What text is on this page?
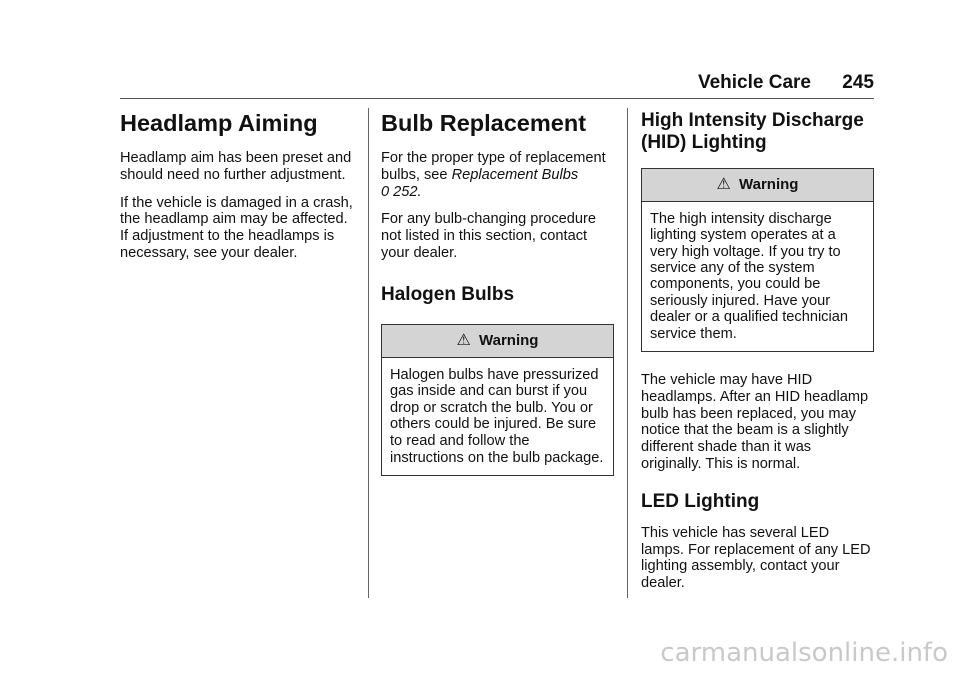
Vehicle Care 245
Headlamp Aiming

Headlamp aim has been preset and should need no further adjustment.

If the vehicle is damaged in a crash, the headlamp aim may be affected. If adjustment to the headlamps is necessary, see your dealer.

Bulb Replacement

For the proper type of replacement bulbs, see Replacement Bulbs
0 252.

For any bulb-changing procedure not listed in this section, contact your dealer.

Halogen Bulbs
⚠ Warning
Halogen bulbs have pressurized gas inside and can burst if you drop or scratch the bulb. You or others could be injured. Be sure to read and follow the instructions on the bulb package.
High Intensity Discharge (HID) Lighting
⚠ Warning
The high intensity discharge lighting system operates at a very high voltage. If you try to service any of the system components, you could be seriously injured. Have your dealer or a qualified technician service them.

The vehicle may have HID headlamps. After an HID headlamp bulb has been replaced, you may notice that the beam is a slightly different shade than it was originally. This is normal.

LED Lighting

This vehicle has several LED lamps. For replacement of any LED lighting assembly, contact your dealer.

carmanualsonline.info
